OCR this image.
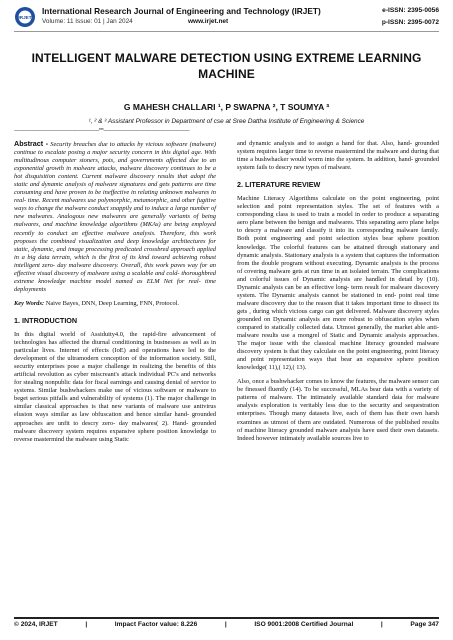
IRJET
International Research Journal of Engineering and Technology (IRJET)
Volume: 11 Issue: 01 | Jan 2024	www.irjet.net
e-ISSN: 2395-0056
p-ISSN: 2395-0072
INTELLIGENT MALWARE DETECTION USING EXTREME LEARNING MACHINE
G MAHESH CHALLARI ¹, P SWAPNA ², T SOUMYA ³
¹, ² & ³ Assistant Professor in Department of cse at Sree Dattha Institute of Engineering & Science
-------------------------------------------------------------------***--------------------------------------------------------------------

Abstract - Security breaches due to attacks by vicious software (malware) continue to escalate posing a major security concern in this digital age. With multitudinous computer stoners, pots, and governments affected due to an exponential growth in malware attacks, malware discovery continues to be a hot disquisition content. Current malware discovery results that adopt the static and dynamic analysis of malware signatures and gets patterns are time consuming and have proven to be ineffective in relating unknown malwares in real- time. Recent malwares use polymorphic, metamorphic, and other fugitive ways to change the malware conduct snappily and to induce a large number of new malwares. Analogous new malwares are generally variants of being malwares, and machine knowledge algorithms (MKAs) are being employed recently to conduct an effective malware analysis. Therefore, this work proposes the combined visualization and deep knowledge architectures for static, dynamic, and image processing predicated crossbred approach applied in a big data terrain, which is the first of its kind toward achieving robust intelligent zero- day malware discovery. Overall, this work paves way for an effective visual discovery of malware using a scalable and cold- thoroughbred extreme knowledge machine model named as ELM Net for real- time deployments

Key Words: Naive Bayes, DNN, Deep Learning, FNN, Protocol.

1. INTRODUCTION

In this digital world of Assiduity4.0, the rapid-fire advancement of technologies has affected the diurnal conditioning in businesses as well as in particular lives. Internet of effects (IoE) and operations have led to the development of the ultramodern conception of the information society. Still, security enterprises pose a major challenge in realizing the benefits of this artificial revolution as cyber miscreant's attack individual PC's and networks for stealing nonpublic data for fiscal earnings and causing denial of service to systems. Similar bushwhackers make use of vicious software or malware to beget serious pitfalls and vulnerability of systems (1). The major challenge in similar classical approaches is that new variants of malware use antivirus elusion ways similar as law obfuscation and hence similar hand- grounded approaches are unfit to descry zero- day malwares( 2). Hand- grounded malware discovery system requires expansive sphere position knowledge to reverse mastermind the malware using Static

and dynamic analysis and to assign a hand for that. Also, hand- grounded system requires larger time to reverse mastermind the malware and during that time a bushwhacker would worm into the system. In addition, hand- grounded system fails to descry new types of malware.

2. LITERATURE REVIEW

Machine Literacy Algorithms calculate on the point engineering, point selection and point representation styles. The set of features with a corresponding class is used to train a model in order to produce a separating aero plane between the benign and malwares. This separating aero plane helps to descry a malware and classify it into its corresponding malware family. Both point engineering and point selection styles bear sphere position knowledge. The colorful features can be attained through stationary and dynamic analysis. Stationary analysis is a system that captures the information from the double program without executing. Dynamic analysis is the process of covering malware gets at run time in an isolated terrain. The complications and colorful issues of Dynamic analysis are handled in detail by (10). Dynamic analysis can be an effective long- term result for malware discovery system. The Dynamic analysis cannot be stationed in end- point real time malware discovery due to the reason that it takes important time to dissect its gets , during which vicious cargo can get delivered. Malware discovery styles grounded on Dynamic analysis are more robust to obfuscation styles when compared to statically collected data. Utmost generally, the market able anti-malware results use a mongrel of Static and Dynamic analysis approaches. The major issue with the classical machine literacy grounded malware discovery system is that they calculate on the point engineering, point literacy and point representation ways that bear an expansive sphere position knowledge( 11),( 12),( 13).

Also, once a bushwhacker comes to know the features, the malware sensor can be finessed fluently (14). To be successful, MLAs bear data with a variety of patterns of malware. The intimately available standard data for malware analysis exploration is veritably less due to the security and sequestration enterprises. Though many datasets live, each of them has their own harsh examines as utmost of them are outdated. Numerous of the published results of machine literacy grounded malware analysis have used their own datasets. Indeed however intimately available sources live to

© 2024, IRJET	|	Impact Factor value: 8.226	|	ISO 9001:2008 Certified Journal	|	Page 347
